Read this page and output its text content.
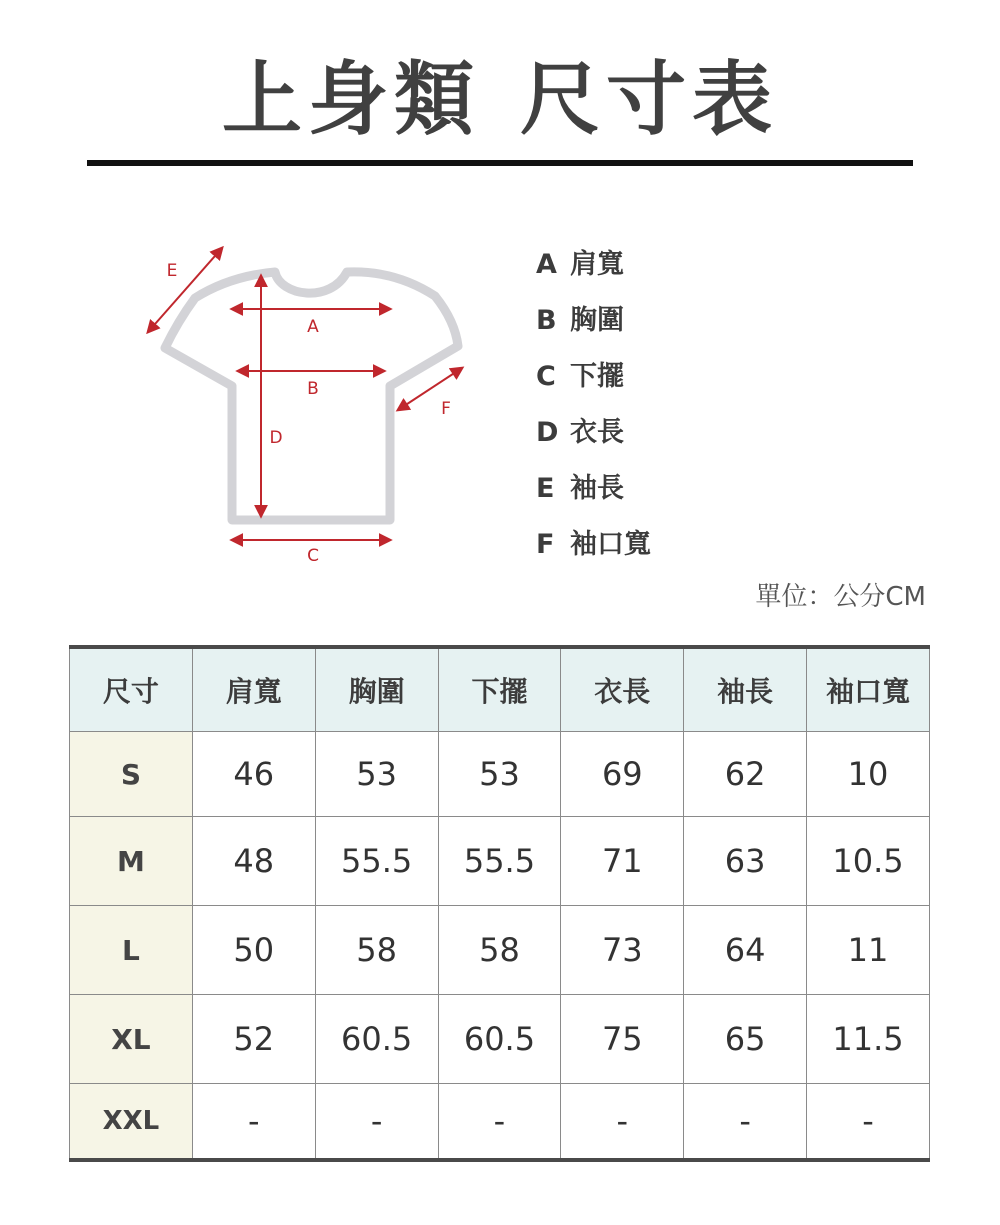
上身類 尺寸表
A
B
C
D
E
F
A 肩寬
B 胸圍
C 下擺
D 衣長
E 袖長
F 袖口寬
單位：公分CM
尺寸	肩寬	胸圍	下擺	衣長	袖長	袖口寬
S	46	53	53	69	62	10
M	48	55.5	55.5	71	63	10.5
L	50	58	58	73	64	11
XL	52	60.5	60.5	75	65	11.5
XXL	-	-	-	-	-	-
